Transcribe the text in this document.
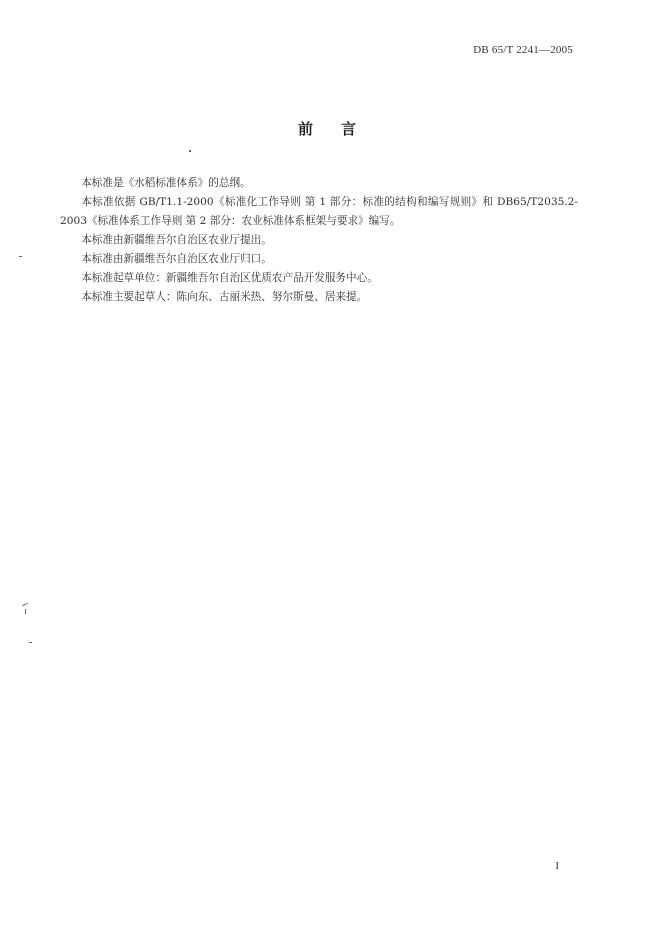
DB 65/T 2241—2005
前言

本标准是《水稻标准体系》的总纲。

本标准依据 GB/T1.1-2000《标准化工作导则 第 1 部分：标准的结构和编写规则》和 DB65/T2035.2-2003《标准体系工作导则 第 2 部分：农业标准体系框架与要求》编写。

本标准由新疆维吾尔自治区农业厅提出。

本标准由新疆维吾尔自治区农业厅归口。

本标准起草单位：新疆维吾尔自治区优质农产品开发服务中心。

本标准主要起草人：陈向东、古丽米热、努尔斯曼、居来提。

I
